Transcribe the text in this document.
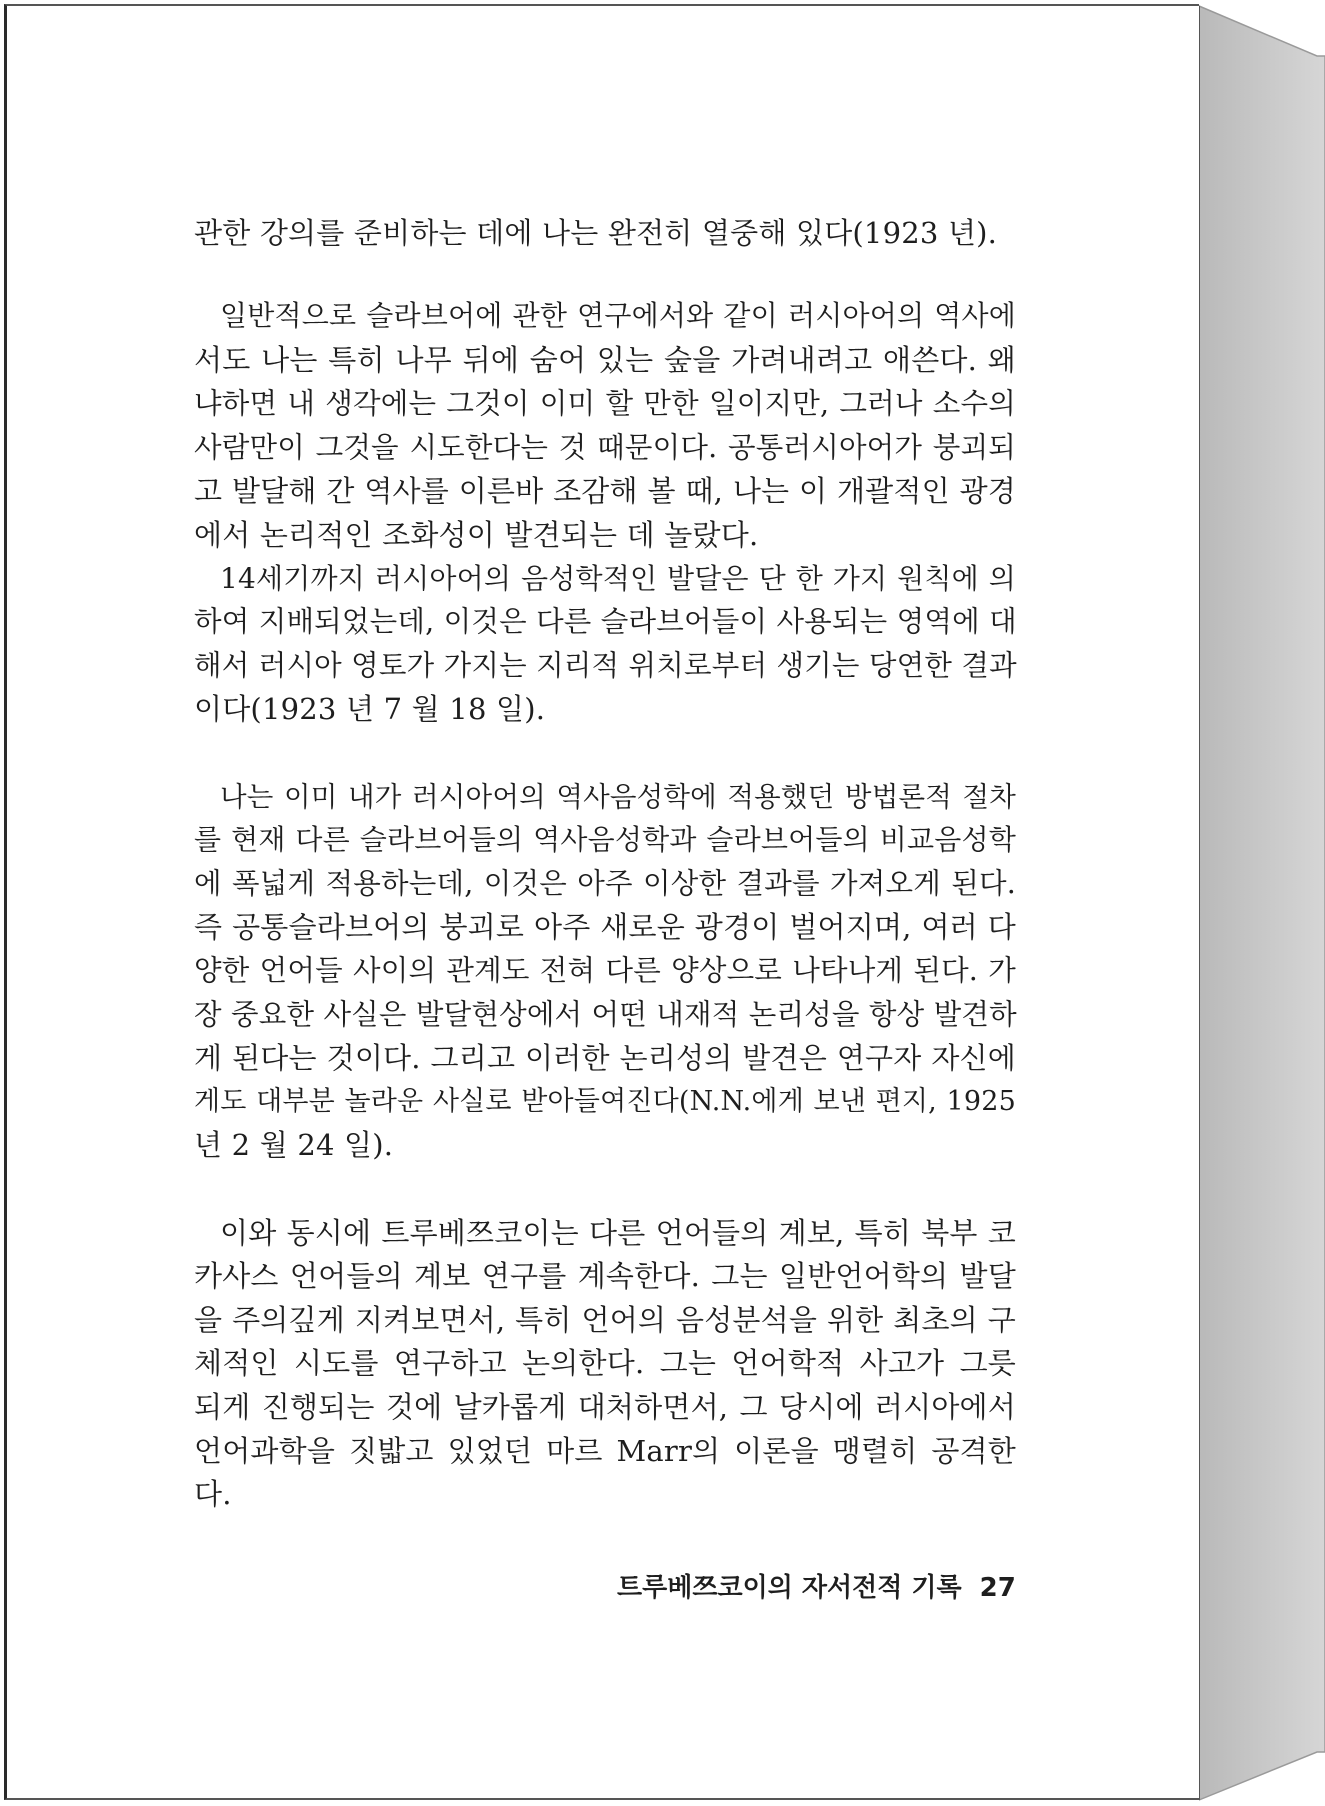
관한 강의를 준비하는 데에 나는 완전히 열중해 있다(1923 년).
일반적으로 슬라브어에 관한 연구에서와 같이 러시아어의 역사에
서도 나는 특히 나무 뒤에 숨어 있는 숲을 가려내려고 애쓴다. 왜
냐하면 내 생각에는 그것이 이미 할 만한 일이지만, 그러나 소수의
사람만이 그것을 시도한다는 것 때문이다. 공통러시아어가 붕괴되
고 발달해 간 역사를 이른바 조감해 볼 때, 나는 이 개괄적인 광경
에서 논리적인 조화성이 발견되는 데 놀랐다.
14세기까지 러시아어의 음성학적인 발달은 단 한 가지 원칙에 의
하여 지배되었는데, 이것은 다른 슬라브어들이 사용되는 영역에 대
해서 러시아 영토가 가지는 지리적 위치로부터 생기는 당연한 결과
이다(1923 년 7 월 18 일).
나는 이미 내가 러시아어의 역사음성학에 적용했던 방법론적 절차
를 현재 다른 슬라브어들의 역사음성학과 슬라브어들의 비교음성학
에 폭넓게 적용하는데, 이것은 아주 이상한 결과를 가져오게 된다.
즉 공통슬라브어의 붕괴로 아주 새로운 광경이 벌어지며, 여러 다
양한 언어들 사이의 관계도 전혀 다른 양상으로 나타나게 된다. 가
장 중요한 사실은 발달현상에서 어떤 내재적 논리성을 항상 발견하
게 된다는 것이다. 그리고 이러한 논리성의 발견은 연구자 자신에
게도 대부분 놀라운 사실로 받아들여진다(N.N.에게 보낸 편지, 1925
년 2 월 24 일).
이와 동시에 트루베쯔코이는 다른 언어들의 계보, 특히 북부 코
카사스 언어들의 계보 연구를 계속한다. 그는 일반언어학의 발달
을 주의깊게 지켜보면서, 특히 언어의 음성분석을 위한 최초의 구
체적인 시도를 연구하고 논의한다. 그는 언어학적 사고가 그릇
되게 진행되는 것에 날카롭게 대처하면서, 그 당시에 러시아에서
언어과학을 짓밟고 있었던 마르 Marr의 이론을 맹렬히 공격한
다.
트루베쯔코이의 자서전적 기록 27
